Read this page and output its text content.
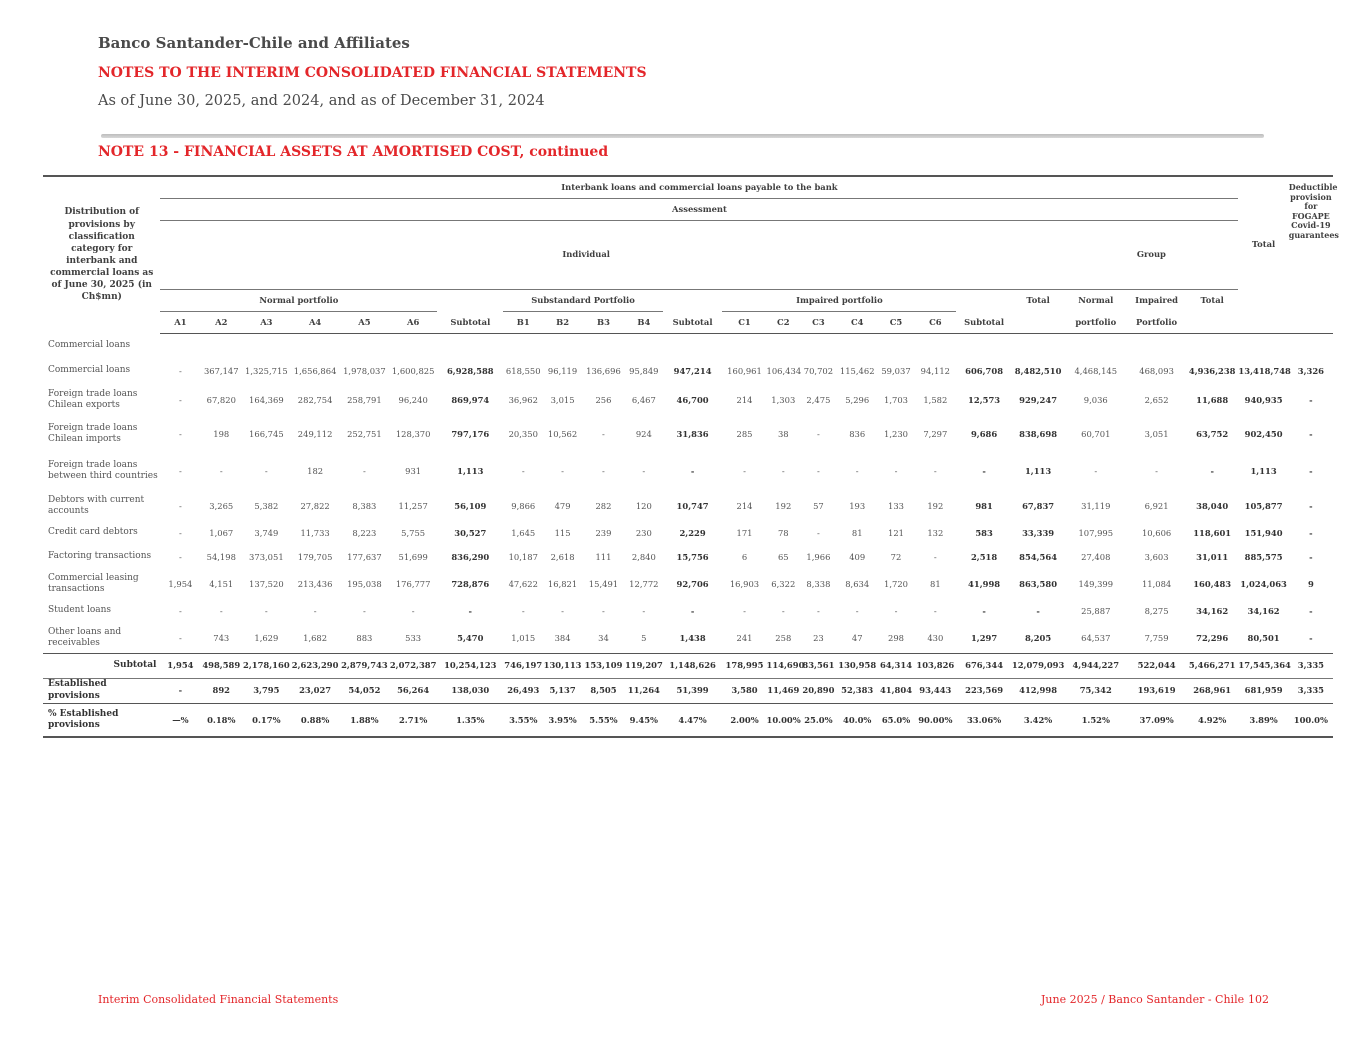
Banco Santander-Chile and Affiliates
NOTES TO THE INTERIM CONSOLIDATED FINANCIAL STATEMENTS
As of June 30, 2025, and 2024, and as of December 31, 2024
NOTE 13 - FINANCIAL ASSETS AT AMORTISED COST, continued
Distribution of provisions by classification category for interbank and commercial loans as of June 30, 2025 (in Ch$mn)	Interbank loans and commercial loans payable to the bank																							Total	Deductible provision for FOGAPE Covid-19 guarantees
	Assessment																								
	Individual																				Group				
	Normal portfolio							Substandard Portfolio					Impaired portfolio							Total	Normal	Impaired	Total		
	A1	A2	A3	A4	A5	A6	Subtotal	B1	B2	B3	B4	Subtotal	C1	C2	C3	C4	C5	C6	Subtotal		portfolio	Portfolio			
Commercial loans																									
Commercial loans	-	367,147	1,325,715	1,656,864	1,978,037	1,600,825	6,928,588	618,550	96,119	136,696	95,849	947,214	160,961	106,434	70,702	115,462	59,037	94,112	606,708	8,482,510	4,468,145	468,093	4,936,238	13,418,748	3,326
Foreign trade loans Chilean exports	-	67,820	164,369	282,754	258,791	96,240	869,974	36,962	3,015	256	6,467	46,700	214	1,303	2,475	5,296	1,703	1,582	12,573	929,247	9,036	2,652	11,688	940,935	-
Foreign trade loans Chilean imports	-	198	166,745	249,112	252,751	128,370	797,176	20,350	10,562	-	924	31,836	285	38	-	836	1,230	7,297	9,686	838,698	60,701	3,051	63,752	902,450	-
Foreign trade loans between third countries	-	-	-	182	-	931	1,113	-	-	-	-	-	-	-	-	-	-	-	-	1,113	-	-	-	1,113	-
Debtors with current accounts	-	3,265	5,382	27,822	8,383	11,257	56,109	9,866	479	282	120	10,747	214	192	57	193	133	192	981	67,837	31,119	6,921	38,040	105,877	-
Credit card debtors	-	1,067	3,749	11,733	8,223	5,755	30,527	1,645	115	239	230	2,229	171	78	-	81	121	132	583	33,339	107,995	10,606	118,601	151,940	-
Factoring transactions	-	54,198	373,051	179,705	177,637	51,699	836,290	10,187	2,618	111	2,840	15,756	6	65	1,966	409	72	-	2,518	854,564	27,408	3,603	31,011	885,575	-
Commercial leasing transactions	1,954	4,151	137,520	213,436	195,038	176,777	728,876	47,622	16,821	15,491	12,772	92,706	16,903	6,322	8,338	8,634	1,720	81	41,998	863,580	149,399	11,084	160,483	1,024,063	9
Student loans	-	-	-	-	-	-	-	-	-	-	-	-	-	-	-	-	-	-	-	-	25,887	8,275	34,162	34,162	-
Other loans and receivables	-	743	1,629	1,682	883	533	5,470	1,015	384	34	5	1,438	241	258	23	47	298	430	1,297	8,205	64,537	7,759	72,296	80,501	-
Subtotal	1,954	498,589	2,178,160	2,623,290	2,879,743	2,072,387	10,254,123	746,197	130,113	153,109	119,207	1,148,626	178,995	114,690	83,561	130,958	64,314	103,826	676,344	12,079,093	4,944,227	522,044	5,466,271	17,545,364	3,335
Established provisions	-	892	3,795	23,027	54,052	56,264	138,030	26,493	5,137	8,505	11,264	51,399	3,580	11,469	20,890	52,383	41,804	93,443	223,569	412,998	75,342	193,619	268,961	681,959	3,335
% Established provisions	—%	0.18%	0.17%	0.88%	1.88%	2.71%	1.35%	3.55%	3.95%	5.55%	9.45%	4.47%	2.00%	10.00%	25.0%	40.0%	65.0%	90.00%	33.06%	3.42%	1.52%	37.09%	4.92%	3.89%	100.0%
Interim Consolidated Financial Statements	June 2025 / Banco Santander - Chile 102
